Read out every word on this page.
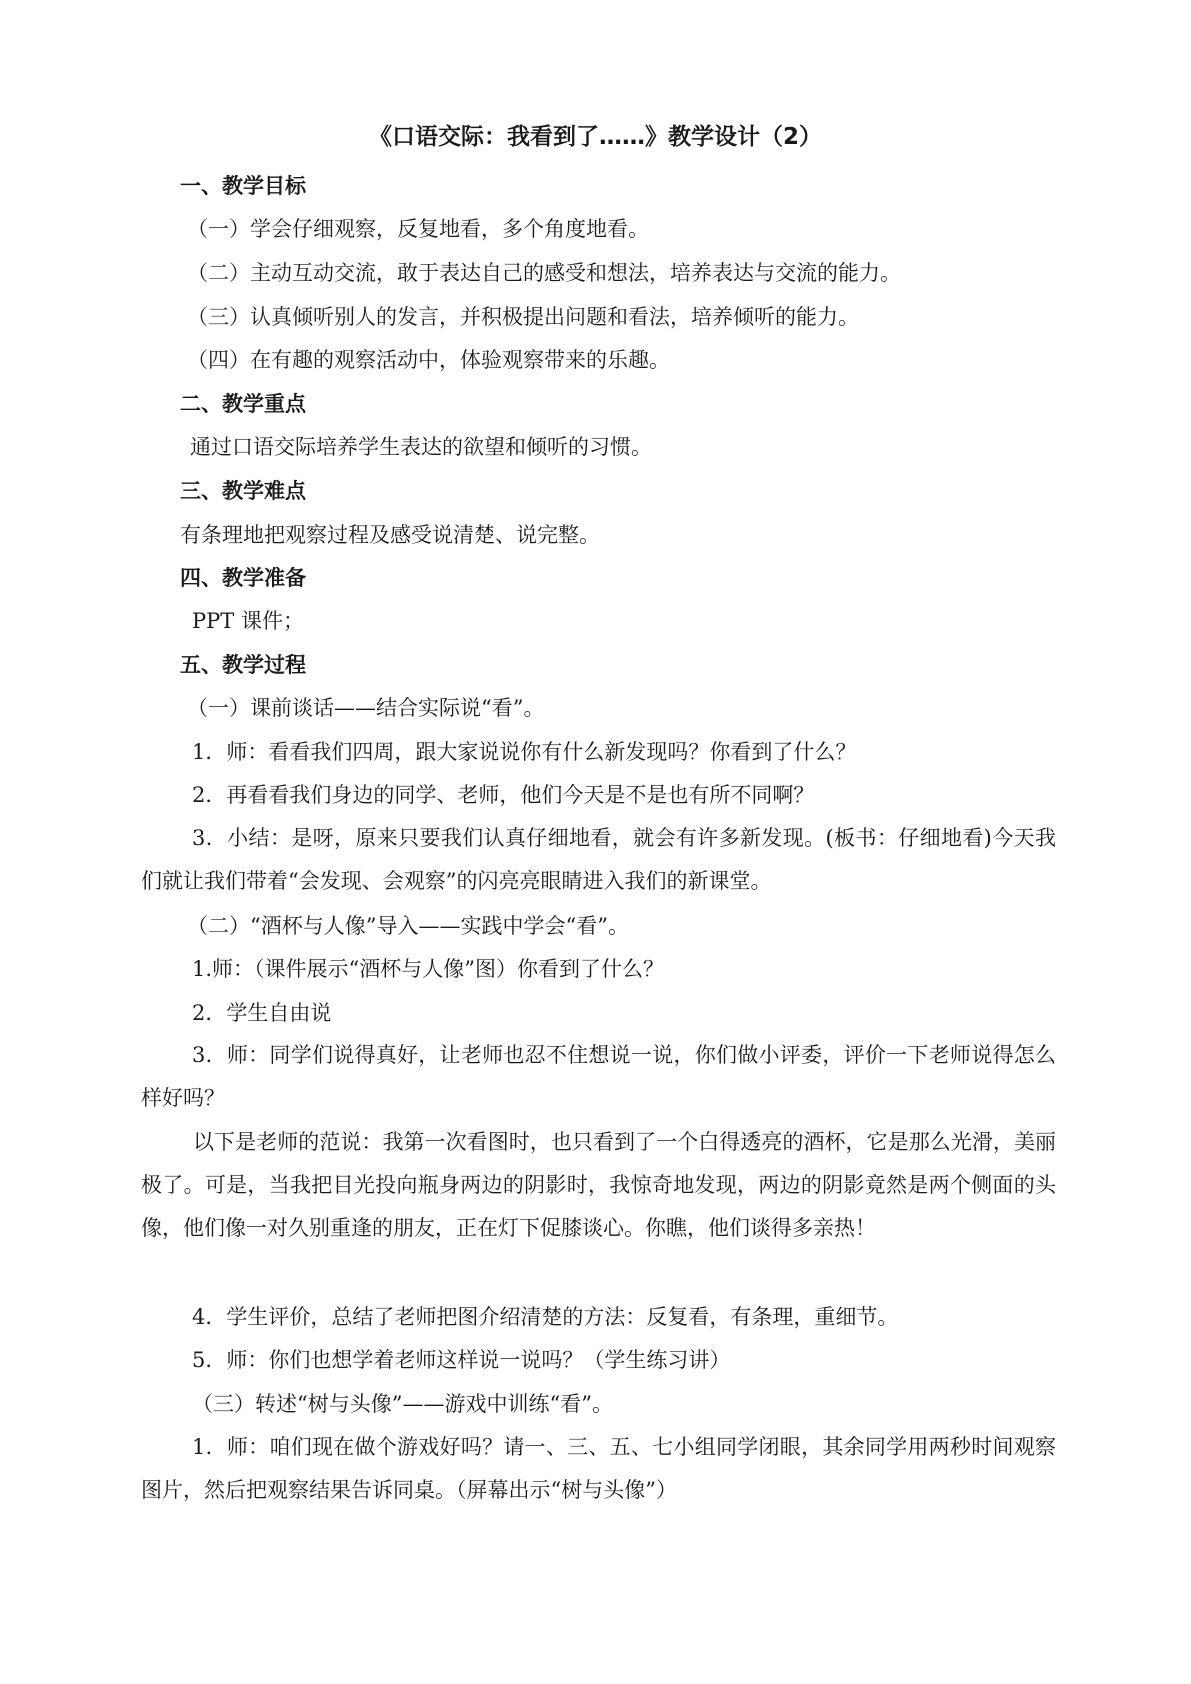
《口语交际：我看到了……》教学设计（2）
一、教学目标
（一）学会仔细观察，反复地看，多个角度地看。
（二）主动互动交流，敢于表达自己的感受和想法，培养表达与交流的能力。
（三）认真倾听别人的发言，并积极提出问题和看法，培养倾听的能力。
（四）在有趣的观察活动中，体验观察带来的乐趣。
二、教学重点
通过口语交际培养学生表达的欲望和倾听的习惯。
三、教学难点
有条理地把观察过程及感受说清楚、说完整。
四、教学准备
PPT 课件；
五、教学过程
（一）课前谈话——结合实际说“看”。
1．师：看看我们四周，跟大家说说你有什么新发现吗？你看到了什么？
2．再看看我们身边的同学、老师，他们今天是不是也有所不同啊？
3．小结：是呀，原来只要我们认真仔细地看，就会有许多新发现。(板书：仔细地看)今天我们就让我们带着“会发现、会观察”的闪亮亮眼睛进入我们的新课堂。
（二）“酒杯与人像”导入——实践中学会“看”。
1.师：（课件展示“酒杯与人像”图）你看到了什么？
2．学生自由说
3．师：同学们说得真好，让老师也忍不住想说一说，你们做小评委，评价一下老师说得怎么样好吗？
以下是老师的范说：我第一次看图时，也只看到了一个白得透亮的酒杯，它是那么光滑，美丽极了。可是，当我把目光投向瓶身两边的阴影时，我惊奇地发现，两边的阴影竟然是两个侧面的头像，他们像一对久别重逢的朋友，正在灯下促膝谈心。你瞧，他们谈得多亲热！
4．学生评价，总结了老师把图介绍清楚的方法：反复看，有条理，重细节。
5．师：你们也想学着老师这样说一说吗？（学生练习讲）
（三）转述“树与头像”——游戏中训练“看”。
1．师：咱们现在做个游戏好吗？请一、三、五、七小组同学闭眼，其余同学用两秒时间观察图片，然后把观察结果告诉同桌。（屏幕出示“树与头像”）
